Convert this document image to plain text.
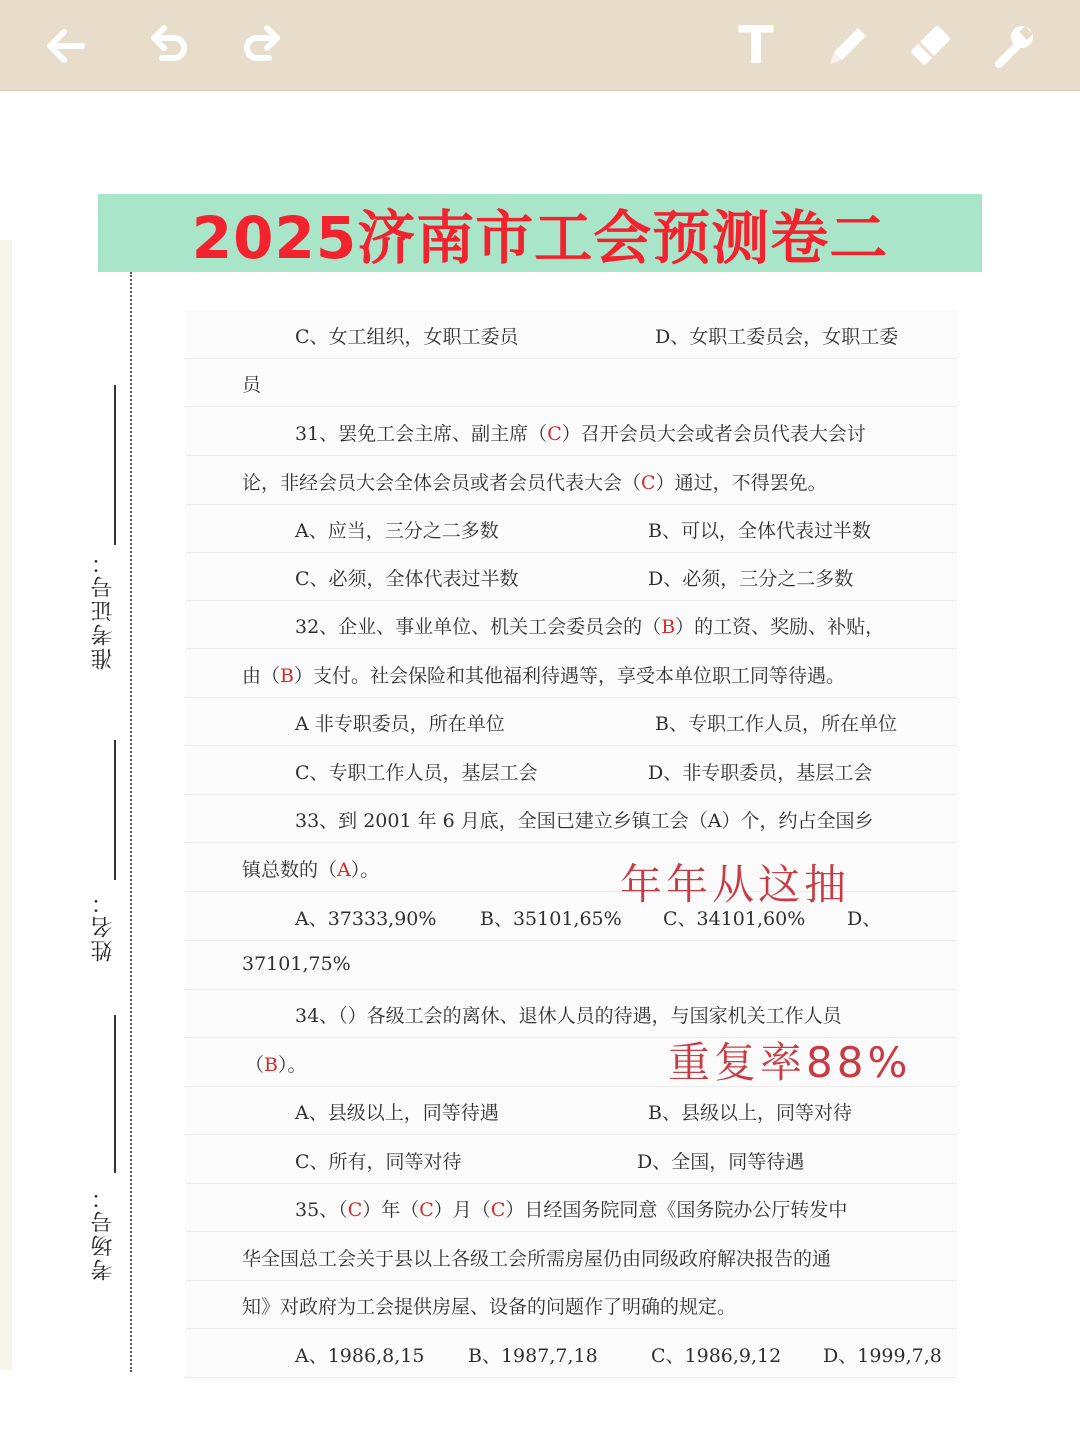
T
2025济南市工会预测卷二
准考证号：
姓名：
考场号：
C、女工组织，女职工委员	D、女职工委员会，女职工委
员
31、罢免工会主席、副主席（C）召开会员大会或者会员代表大会讨
论，非经会员大会全体会员或者会员代表大会（C）通过，不得罢免。
A、应当，三分之二多数	B、可以，全体代表过半数
C、必须，全体代表过半数	D、必须，三分之二多数
32、企业、事业单位、机关工会委员会的（B）的工资、奖励、补贴，
由（B）支付。社会保险和其他福利待遇等，享受本单位职工同等待遇。
A 非专职委员，所在单位	B、专职工作人员，所在单位
C、专职工作人员，基层工会	D、非专职委员，基层工会
33、到 2001 年 6 月底，全国已建立乡镇工会（A）个，约占全国乡
镇总数的（A）。
A、37333,90% B、35101,65% C、34101,60% D、
37101,75%
34、（）各级工会的离休、退休人员的待遇，与国家机关工作人员
（B）。
A、县级以上，同等待遇	B、县级以上，同等对待
C、所有，同等对待	D、全国，同等待遇
35、（C）年（C）月（C）日经国务院同意《国务院办公厅转发中
华全国总工会关于县以上各级工会所需房屋仍由同级政府解决报告的通
知》对政府为工会提供房屋、设备的问题作了明确的规定。
A、1986,8,15 B、1987,7,18	C、1986,9,12 D、1999,7,8
年年从这抽
重复率88%
